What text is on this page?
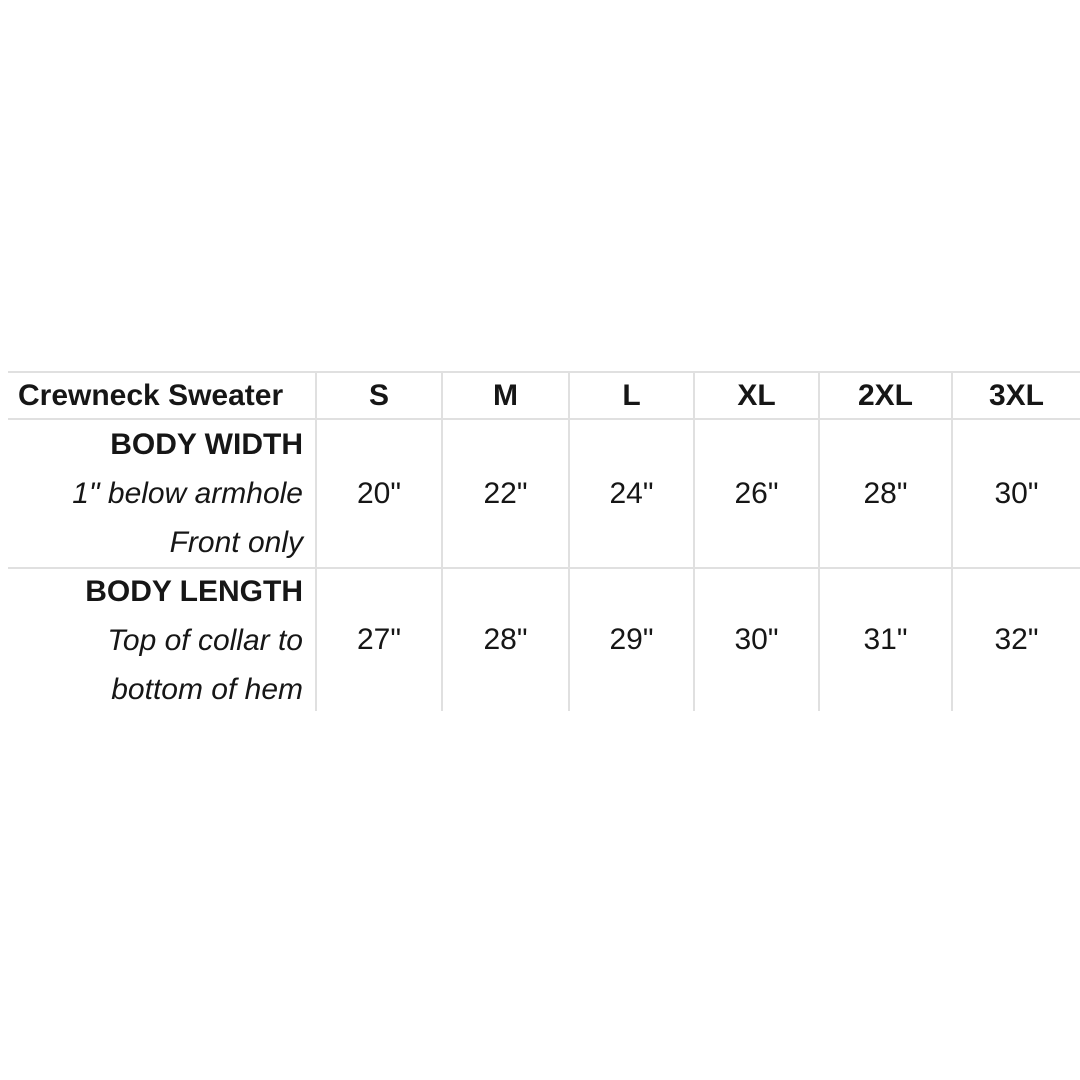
Crewneck Sweater	S	M	L	XL	2XL	3XL
BODY WIDTH
1" below armhole
Front only
20"	22"	24"	26"	28"	30"
BODY LENGTH
Top of collar to
bottom of hem
27"	28"	29"	30"	31"	32"
